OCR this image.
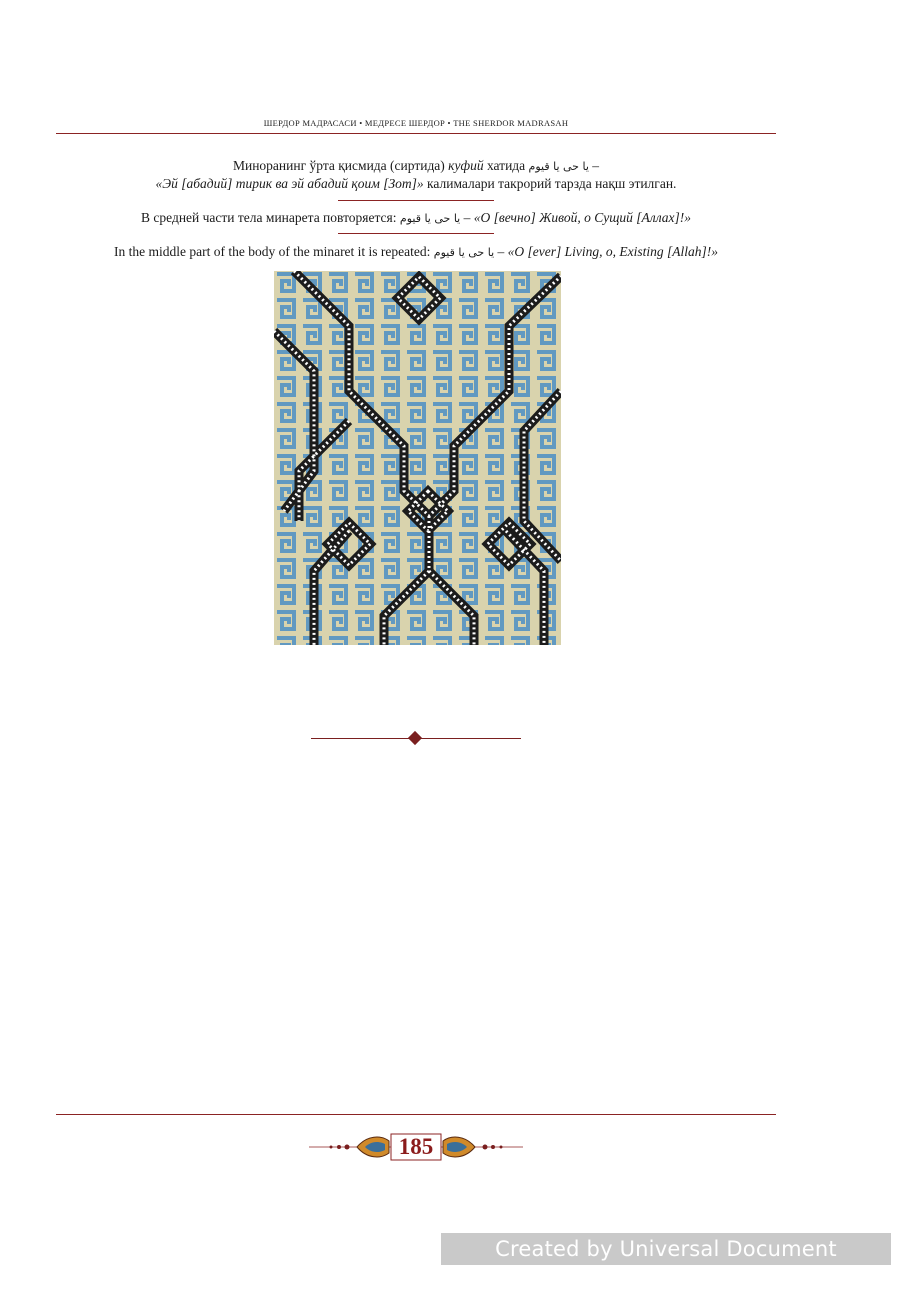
ШЕРДОР МАДРАСАСИ • МЕДРЕСЕ ШЕРДОР • THE SHERDOR MADRASAH
Миноранинг ўрта қисмида (сиртида) куфий хатида يا حى يا قيوم –
«Эй [абадий] тирик ва эй абадий қоим [Зот]» калималари такрорий тарзда нақш этилган.
В средней части тела минарета повторяется: يا حى يا قيوم – «О [вечно] Живой, о Сущий [Аллах]!»
In the middle part of the body of the minaret it is repeated: يا حى يا قيوم – «O [ever] Living, o, Existing [Allah]!»
185
Created by Universal Document Converter
